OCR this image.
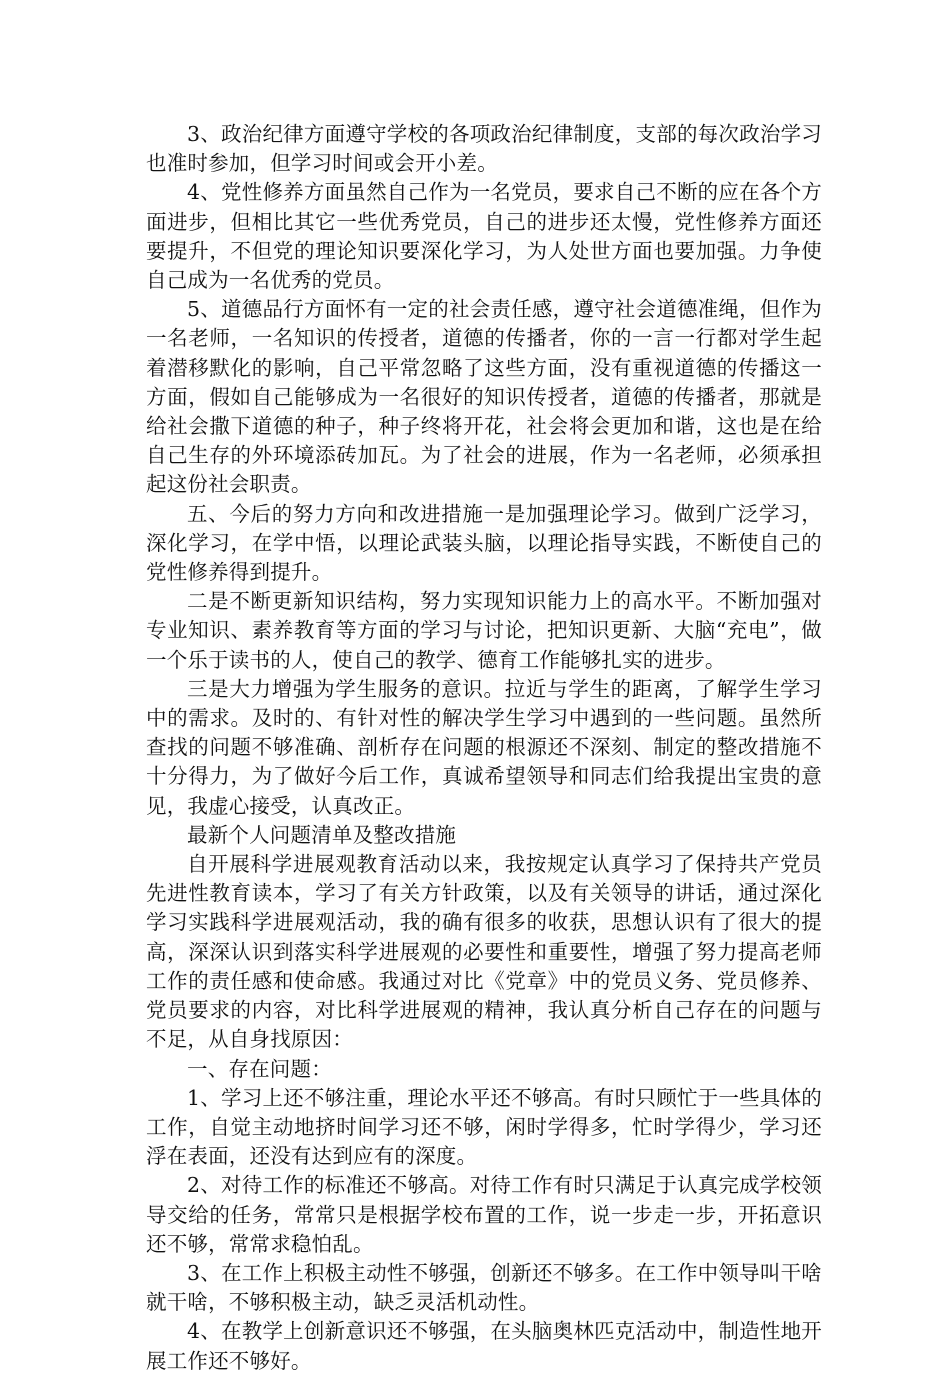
3、政治纪律方面遵守学校的各项政治纪律制度，支部的每次政治学习也准时参加，但学习时间或会开小差。

4、党性修养方面虽然自己作为一名党员，要求自己不断的应在各个方面进步，但相比其它一些优秀党员，自己的进步还太慢，党性修养方面还要提升，不但党的理论知识要深化学习，为人处世方面也要加强。力争使自己成为一名优秀的党员。

5、道德品行方面怀有一定的社会责任感，遵守社会道德准绳，但作为一名老师，一名知识的传授者，道德的传播者，你的一言一行都对学生起着潜移默化的影响，自己平常忽略了这些方面，没有重视道德的传播这一方面，假如自己能够成为一名很好的知识传授者，道德的传播者，那就是给社会撒下道德的种子，种子终将开花，社会将会更加和谐，这也是在给自己生存的外环境添砖加瓦。为了社会的进展，作为一名老师，必须承担起这份社会职责。

五、今后的努力方向和改进措施一是加强理论学习。做到广泛学习，深化学习，在学中悟，以理论武装头脑，以理论指导实践，不断使自己的党性修养得到提升。

二是不断更新知识结构，努力实现知识能力上的高水平。不断加强对专业知识、素养教育等方面的学习与讨论，把知识更新、大脑“充电”，做一个乐于读书的人，使自己的教学、德育工作能够扎实的进步。

三是大力增强为学生服务的意识。拉近与学生的距离，了解学生学习中的需求。及时的、有针对性的解决学生学习中遇到的一些问题。虽然所查找的问题不够准确、剖析存在问题的根源还不深刻、制定的整改措施不十分得力，为了做好今后工作，真诚希望领导和同志们给我提出宝贵的意见，我虚心接受，认真改正。

最新个人问题清单及整改措施

自开展科学进展观教育活动以来，我按规定认真学习了保持共产党员先进性教育读本，学习了有关方针政策，以及有关领导的讲话，通过深化学习实践科学进展观活动，我的确有很多的收获，思想认识有了很大的提高，深深认识到落实科学进展观的必要性和重要性，增强了努力提高老师工作的责任感和使命感。我通过对比《党章》中的党员义务、党员修养、党员要求的内容，对比科学进展观的精神，我认真分析自己存在的问题与不足，从自身找原因：

一、存在问题：

1、学习上还不够注重，理论水平还不够高。有时只顾忙于一些具体的工作，自觉主动地挤时间学习还不够，闲时学得多，忙时学得少，学习还浮在表面，还没有达到应有的深度。

2、对待工作的标准还不够高。对待工作有时只满足于认真完成学校领导交给的任务，常常只是根据学校布置的工作，说一步走一步，开拓意识还不够，常常求稳怕乱。

3、在工作上积极主动性不够强，创新还不够多。在工作中领导叫干啥就干啥，不够积极主动，缺乏灵活机动性。

4、在教学上创新意识还不够强，在头脑奥林匹克活动中，制造性地开展工作还不够好。
